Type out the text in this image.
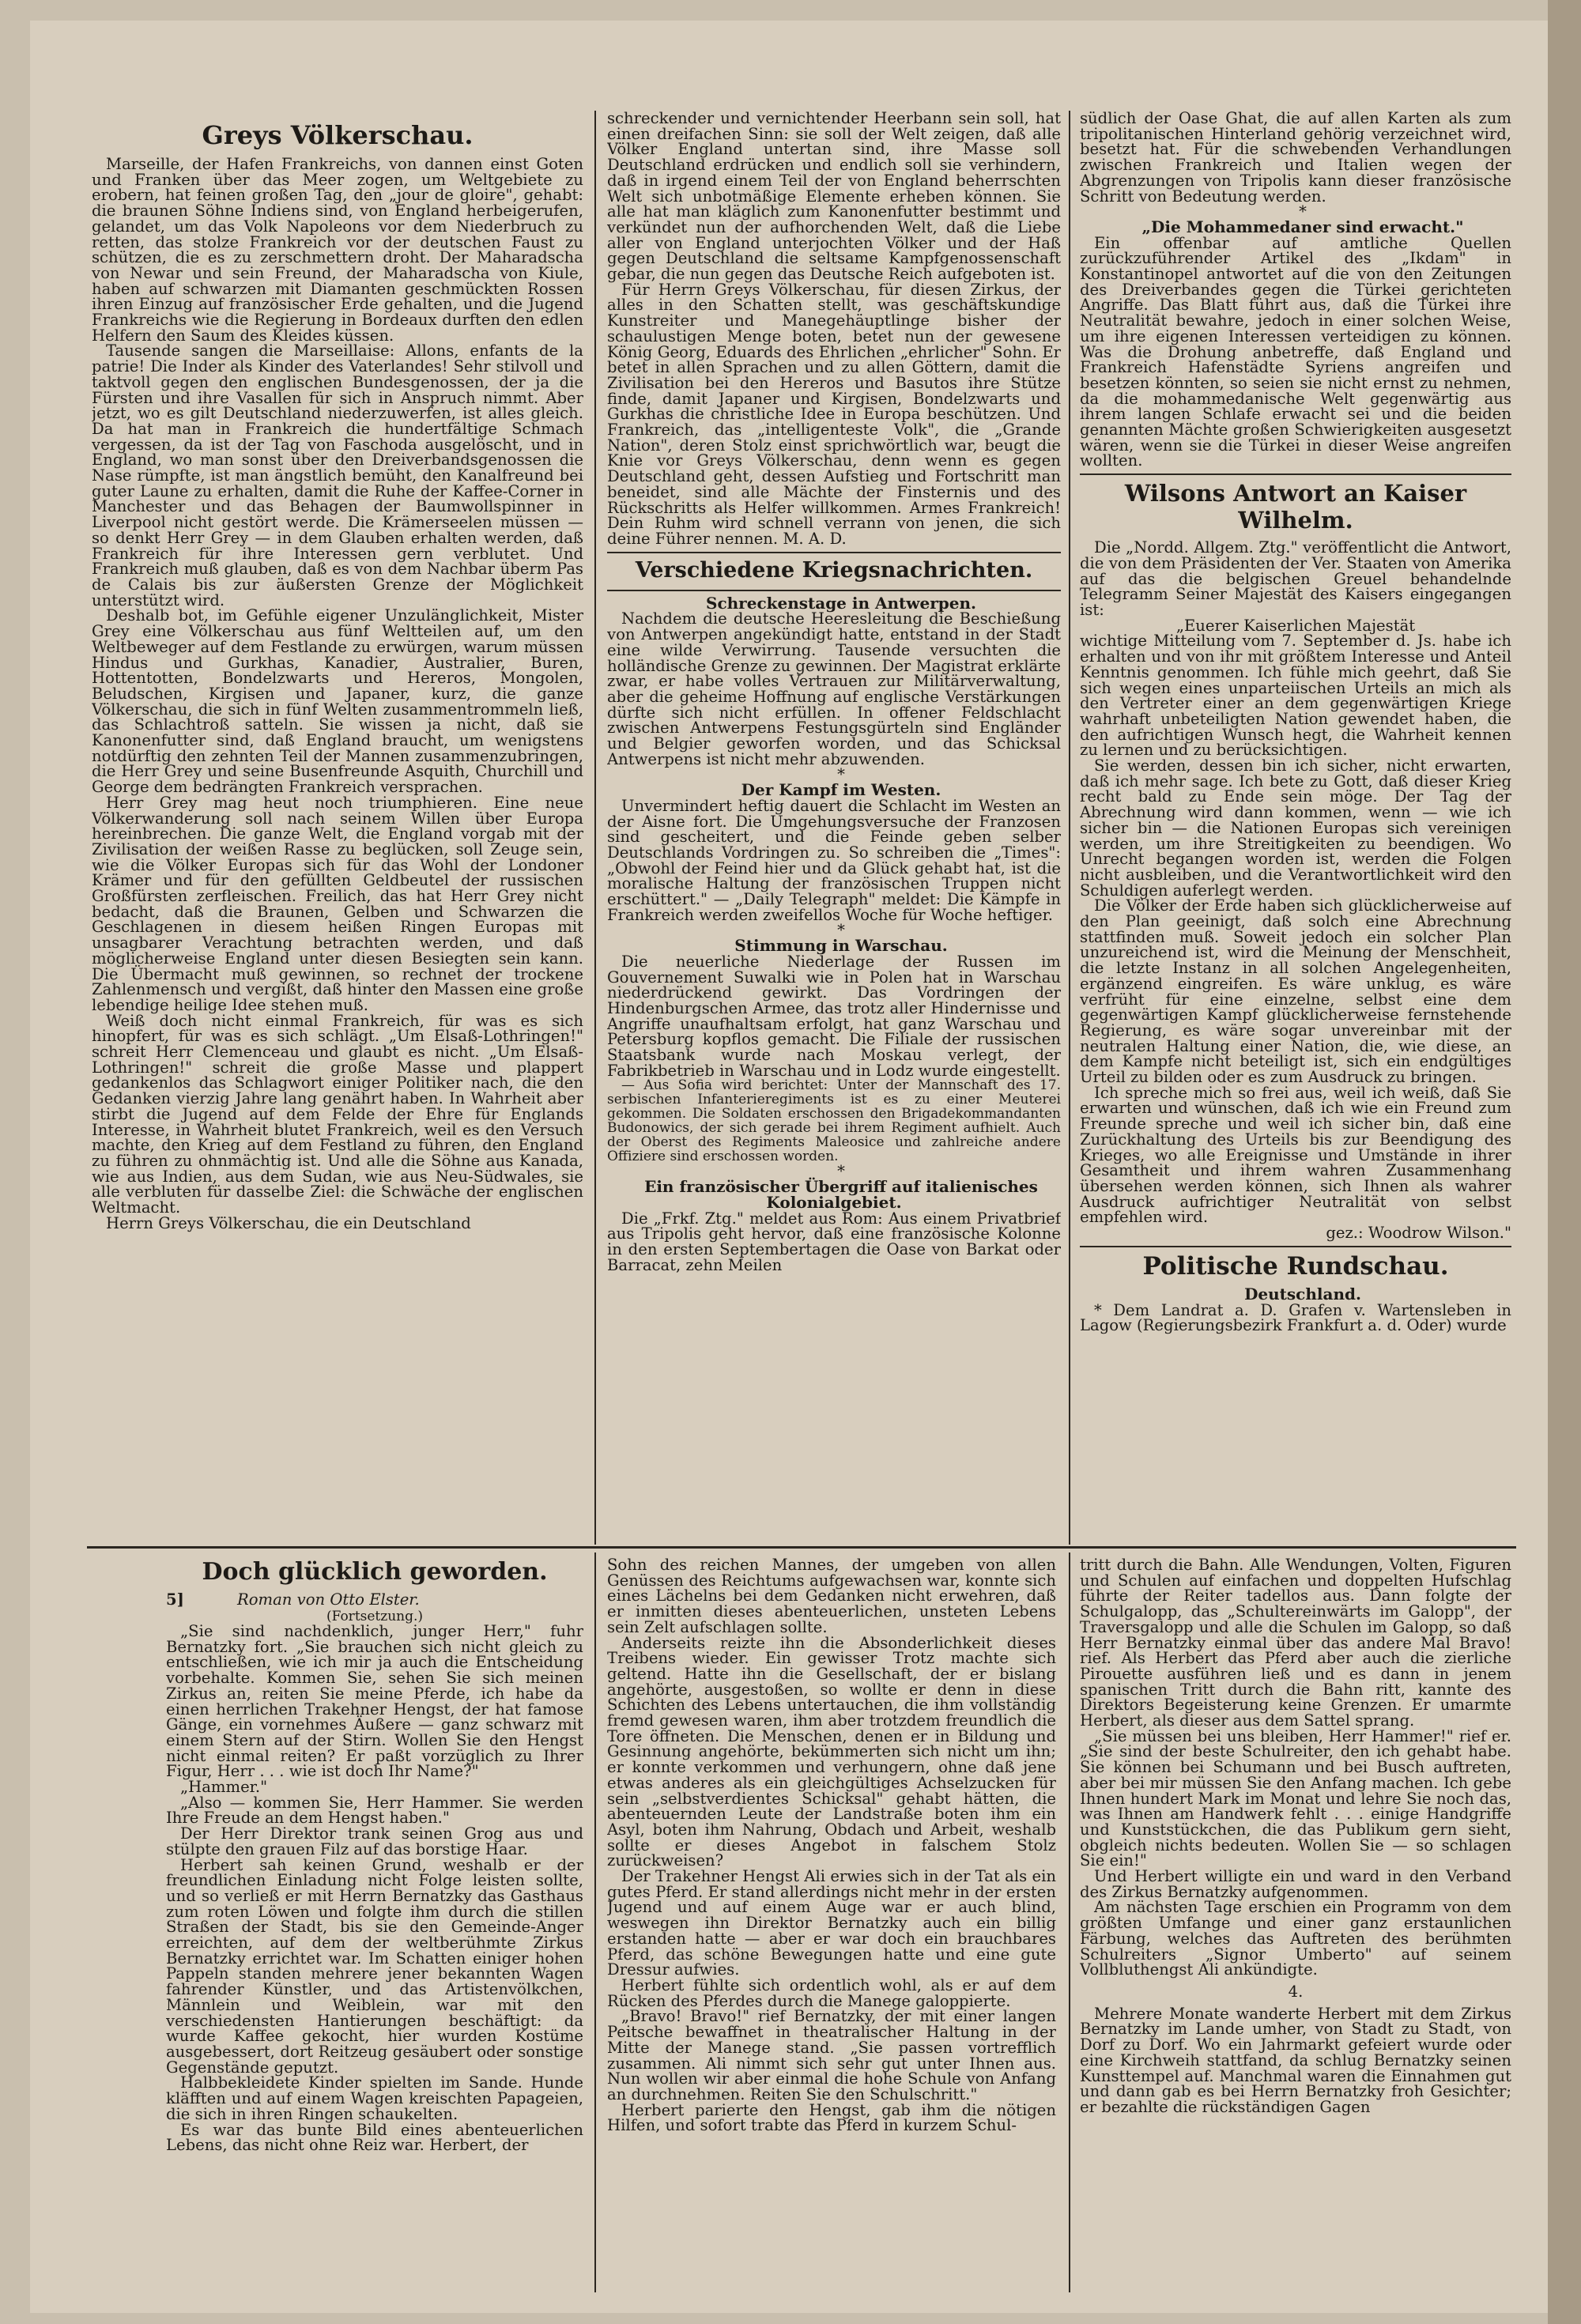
Greys Völkerschau.

Marseille, der Hafen Frankreichs, von dannen einst Goten und Franken über das Meer zogen, um Weltgebiete zu erobern, hat feinen großen Tag, den „jour de gloire", gehabt: die braunen Söhne Indiens sind, von England herbeigerufen, gelandet, um das Volk Napoleons vor dem Niederbruch zu retten, das stolze Frankreich vor der deutschen Faust zu schützen, die es zu zerschmettern droht. Der Maharadscha von Newar und sein Freund, der Maharadscha von Kiule, haben auf schwarzen mit Diamanten geschmückten Rossen ihren Einzug auf französischer Erde gehalten, und die Jugend Frankreichs wie die Regierung in Bordeaux durften den edlen Helfern den Saum des Kleides küssen.

Tausende sangen die Marseillaise: Allons, enfants de la patrie! Die Inder als Kinder des Vaterlandes! Sehr stilvoll und taktvoll gegen den englischen Bundesgenossen, der ja die Fürsten und ihre Vasallen für sich in Anspruch nimmt. Aber jetzt, wo es gilt Deutschland niederzuwerfen, ist alles gleich. Da hat man in Frankreich die hundertfältige Schmach vergessen, da ist der Tag von Faschoda ausgelöscht, und in England, wo man sonst über den Dreiverbandsgenossen die Nase rümpfte, ist man ängstlich bemüht, den Kanalfreund bei guter Laune zu erhalten, damit die Ruhe der Kaffee-Corner in Manchester und das Behagen der Baumwollspinner in Liverpool nicht gestört werde. Die Krämerseelen müssen — so denkt Herr Grey — in dem Glauben erhalten werden, daß Frankreich für ihre Interessen gern verblutet. Und Frankreich muß glauben, daß es von dem Nachbar überm Pas de Calais bis zur äußersten Grenze der Möglichkeit unterstützt wird.

Deshalb bot, im Gefühle eigener Unzulänglichkeit, Mister Grey eine Völkerschau aus fünf Weltteilen auf, um den Weltbeweger auf dem Festlande zu erwürgen, warum müssen Hindus und Gurkhas, Kanadier, Australier, Buren, Hottentotten, Bondelzwarts und Hereros, Mongolen, Beludschen, Kirgisen und Japaner, kurz, die ganze Völkerschau, die sich in fünf Welten zusammentrommeln ließ, das Schlachtroß satteln. Sie wissen ja nicht, daß sie Kanonenfutter sind, daß England braucht, um wenigstens notdürftig den zehnten Teil der Mannen zusammenzubringen, die Herr Grey und seine Busenfreunde Asquith, Churchill und George dem bedrängten Frankreich versprachen.

Herr Grey mag heut noch triumphieren. Eine neue Völkerwanderung soll nach seinem Willen über Europa hereinbrechen. Die ganze Welt, die England vorgab mit der Zivilisation der weißen Rasse zu beglücken, soll Zeuge sein, wie die Völker Europas sich für das Wohl der Londoner Krämer und für den gefüllten Geldbeutel der russischen Großfürsten zerfleischen. Freilich, das hat Herr Grey nicht bedacht, daß die Braunen, Gelben und Schwarzen die Geschlagenen in diesem heißen Ringen Europas mit unsagbarer Verachtung betrachten werden, und daß möglicherweise England unter diesen Besiegten sein kann. Die Übermacht muß gewinnen, so rechnet der trockene Zahlenmensch und vergißt, daß hinter den Massen eine große lebendige heilige Idee stehen muß.

Weiß doch nicht einmal Frankreich, für was es sich hinopfert, für was es sich schlägt. „Um Elsaß-Lothringen!" schreit Herr Clemenceau und glaubt es nicht. „Um Elsaß-Lothringen!" schreit die große Masse und plappert gedankenlos das Schlagwort einiger Politiker nach, die den Gedanken vierzig Jahre lang genährt haben. In Wahrheit aber stirbt die Jugend auf dem Felde der Ehre für Englands Interesse, in Wahrheit blutet Frankreich, weil es den Versuch machte, den Krieg auf dem Festland zu führen, den England zu führen zu ohnmächtig ist. Und alle die Söhne aus Kanada, wie aus Indien, aus dem Sudan, wie aus Neu-Südwales, sie alle verbluten für dasselbe Ziel: die Schwäche der englischen Weltmacht.

Herrn Greys Völkerschau, die ein Deutschland

schreckender und vernichtender Heerbann sein soll, hat einen dreifachen Sinn: sie soll der Welt zeigen, daß alle Völker England untertan sind, ihre Masse soll Deutschland erdrücken und endlich soll sie verhindern, daß in irgend einem Teil der von England beherrschten Welt sich unbotmäßige Elemente erheben können. Sie alle hat man kläglich zum Kanonenfutter bestimmt und verkündet nun der aufhorchenden Welt, daß die Liebe aller von England unterjochten Völker und der Haß gegen Deutschland die seltsame Kampfgenossenschaft gebar, die nun gegen das Deutsche Reich aufgeboten ist.

Für Herrn Greys Völkerschau, für diesen Zirkus, der alles in den Schatten stellt, was geschäftskundige Kunstreiter und Manegehäuptlinge bisher der schaulustigen Menge boten, betet nun der gewesene König Georg, Eduards des Ehrlichen „ehrlicher" Sohn. Er betet in allen Sprachen und zu allen Göttern, damit die Zivilisation bei den Hereros und Basutos ihre Stütze finde, damit Japaner und Kirgisen, Bondelzwarts und Gurkhas die christliche Idee in Europa beschützen. Und Frankreich, das „intelligenteste Volk", die „Grande Nation", deren Stolz einst sprichwörtlich war, beugt die Knie vor Greys Völkerschau, denn wenn es gegen Deutschland geht, dessen Aufstieg und Fortschritt man beneidet, sind alle Mächte der Finsternis und des Rückschritts als Helfer willkommen. Armes Frankreich! Dein Ruhm wird schnell verrann von jenen, die sich deine Führer nennen. M. A. D.

Verschiedene Kriegsnachrichten.

Schreckenstage in Antwerpen.

Nachdem die deutsche Heeresleitung die Beschießung von Antwerpen angekündigt hatte, entstand in der Stadt eine wilde Verwirrung. Tausende versuchten die holländische Grenze zu gewinnen. Der Magistrat erklärte zwar, er habe volles Vertrauen zur Militärverwaltung, aber die geheime Hoffnung auf englische Verstärkungen dürfte sich nicht erfüllen. In offener Feldschlacht zwischen Antwerpens Festungsgürteln sind Engländer und Belgier geworfen worden, und das Schicksal Antwerpens ist nicht mehr abzuwenden.

*

Der Kampf im Westen.

Unvermindert heftig dauert die Schlacht im Westen an der Aisne fort. Die Umgehungsversuche der Franzosen sind gescheitert, und die Feinde geben selber Deutschlands Vordringen zu. So schreiben die „Times": „Obwohl der Feind hier und da Glück gehabt hat, ist die moralische Haltung der französischen Truppen nicht erschüttert." — „Daily Telegraph" meldet: Die Kämpfe in Frankreich werden zweifellos Woche für Woche heftiger.

*

Stimmung in Warschau.

Die neuerliche Niederlage der Russen im Gouvernement Suwalki wie in Polen hat in Warschau niederdrückend gewirkt. Das Vordringen der Hindenburgschen Armee, das trotz aller Hindernisse und Angriffe unaufhaltsam erfolgt, hat ganz Warschau und Petersburg kopflos gemacht. Die Filiale der russischen Staatsbank wurde nach Moskau verlegt, der Fabrikbetrieb in Warschau und in Lodz wurde eingestellt.

— Aus Sofia wird berichtet: Unter der Mannschaft des 17. serbischen Infanterieregiments ist es zu einer Meuterei gekommen. Die Soldaten erschossen den Brigadekommandanten Budonowics, der sich gerade bei ihrem Regiment aufhielt. Auch der Oberst des Regiments Maleosice und zahlreiche andere Offiziere sind erschossen worden.

*

Ein französischer Übergriff auf italienisches Kolonialgebiet.

Die „Frkf. Ztg." meldet aus Rom: Aus einem Privatbrief aus Tripolis geht hervor, daß eine französische Kolonne in den ersten Septembertagen die Oase von Barkat oder Barracat, zehn Meilen

südlich der Oase Ghat, die auf allen Karten als zum tripolitanischen Hinterland gehörig verzeichnet wird, besetzt hat. Für die schwebenden Verhandlungen zwischen Frankreich und Italien wegen der Abgrenzungen von Tripolis kann dieser französische Schritt von Bedeutung werden.

*

„Die Mohammedaner sind erwacht."

Ein offenbar auf amtliche Quellen zurückzuführender Artikel des „Ikdam" in Konstantinopel antwortet auf die von den Zeitungen des Dreiverbandes gegen die Türkei gerichteten Angriffe. Das Blatt führt aus, daß die Türkei ihre Neutralität bewahre, jedoch in einer solchen Weise, um ihre eigenen Interessen verteidigen zu können. Was die Drohung anbetreffe, daß England und Frankreich Hafenstädte Syriens angreifen und besetzen könnten, so seien sie nicht ernst zu nehmen, da die mohammedanische Welt gegenwärtig aus ihrem langen Schlafe erwacht sei und die beiden genannten Mächte großen Schwierigkeiten ausgesetzt wären, wenn sie die Türkei in dieser Weise angreifen wollten.

Wilsons Antwort an Kaiser Wilhelm.

Die „Nordd. Allgem. Ztg." veröffentlicht die Antwort, die von dem Präsidenten der Ver. Staaten von Amerika auf das die belgischen Greuel behandelnde Telegramm Seiner Majestät des Kaisers eingegangen ist:

„Euerer Kaiserlichen Majestät

wichtige Mitteilung vom 7. September d. Js. habe ich erhalten und von ihr mit größtem Interesse und Anteil Kenntnis genommen. Ich fühle mich geehrt, daß Sie sich wegen eines unparteiischen Urteils an mich als den Vertreter einer an dem gegenwärtigen Kriege wahrhaft unbeteiligten Nation gewendet haben, die den aufrichtigen Wunsch hegt, die Wahrheit kennen zu lernen und zu berücksichtigen.

Sie werden, dessen bin ich sicher, nicht erwarten, daß ich mehr sage. Ich bete zu Gott, daß dieser Krieg recht bald zu Ende sein möge. Der Tag der Abrechnung wird dann kommen, wenn — wie ich sicher bin — die Nationen Europas sich vereinigen werden, um ihre Streitigkeiten zu beendigen. Wo Unrecht begangen worden ist, werden die Folgen nicht ausbleiben, und die Verantwortlichkeit wird den Schuldigen auferlegt werden.

Die Völker der Erde haben sich glücklicherweise auf den Plan geeinigt, daß solch eine Abrechnung stattfinden muß. Soweit jedoch ein solcher Plan unzureichend ist, wird die Meinung der Menschheit, die letzte Instanz in all solchen Angelegenheiten, ergänzend eingreifen. Es wäre unklug, es wäre verfrüht für eine einzelne, selbst eine dem gegenwärtigen Kampf glücklicherweise fernstehende Regierung, es wäre sogar unvereinbar mit der neutralen Haltung einer Nation, die, wie diese, an dem Kampfe nicht beteiligt ist, sich ein endgültiges Urteil zu bilden oder es zum Ausdruck zu bringen.

Ich spreche mich so frei aus, weil ich weiß, daß Sie erwarten und wünschen, daß ich wie ein Freund zum Freunde spreche und weil ich sicher bin, daß eine Zurückhaltung des Urteils bis zur Beendigung des Krieges, wo alle Ereignisse und Umstände in ihrer Gesamtheit und ihrem wahren Zusammenhang übersehen werden können, sich Ihnen als wahrer Ausdruck aufrichtiger Neutralität von selbst empfehlen wird.

gez.: Woodrow Wilson."

Politische Rundschau.

Deutschland.

* Dem Landrat a. D. Grafen v. Wartensleben in Lagow (Regierungsbezirk Frankfurt a. d. Oder) wurde

Doch glücklich geworden.
5]	Roman von Otto Elster.

(Fortsetzung.)

„Sie sind nachdenklich, junger Herr," fuhr Bernatzky fort. „Sie brauchen sich nicht gleich zu entschließen, wie ich mir ja auch die Entscheidung vorbehalte. Kommen Sie, sehen Sie sich meinen Zirkus an, reiten Sie meine Pferde, ich habe da einen herrlichen Trakehner Hengst, der hat famose Gänge, ein vornehmes Äußere — ganz schwarz mit einem Stern auf der Stirn. Wollen Sie den Hengst nicht einmal reiten? Er paßt vorzüglich zu Ihrer Figur, Herr . . . wie ist doch Ihr Name?"

„Hammer."

„Also — kommen Sie, Herr Hammer. Sie werden Ihre Freude an dem Hengst haben."

Der Herr Direktor trank seinen Grog aus und stülpte den grauen Filz auf das borstige Haar.

Herbert sah keinen Grund, weshalb er der freundlichen Einladung nicht Folge leisten sollte, und so verließ er mit Herrn Bernatzky das Gasthaus zum roten Löwen und folgte ihm durch die stillen Straßen der Stadt, bis sie den Gemeinde-Anger erreichten, auf dem der weltberühmte Zirkus Bernatzky errichtet war. Im Schatten einiger hohen Pappeln standen mehrere jener bekannten Wagen fahrender Künstler, und das Artistenvölkchen, Männlein und Weiblein, war mit den verschiedensten Hantierungen beschäftigt: da wurde Kaffee gekocht, hier wurden Kostüme ausgebessert, dort Reitzeug gesäubert oder sonstige Gegenstände geputzt.

Halbbekleidete Kinder spielten im Sande. Hunde kläfften und auf einem Wagen kreischten Papageien, die sich in ihren Ringen schaukelten.

Es war das bunte Bild eines abenteuerlichen Lebens, das nicht ohne Reiz war. Herbert, der

Sohn des reichen Mannes, der umgeben von allen Genüssen des Reichtums aufgewachsen war, konnte sich eines Lächelns bei dem Gedanken nicht erwehren, daß er inmitten dieses abenteuerlichen, unsteten Lebens sein Zelt aufschlagen sollte.

Anderseits reizte ihn die Absonderlichkeit dieses Treibens wieder. Ein gewisser Trotz machte sich geltend. Hatte ihn die Gesellschaft, der er bislang angehörte, ausgestoßen, so wollte er denn in diese Schichten des Lebens untertauchen, die ihm vollständig fremd gewesen waren, ihm aber trotzdem freundlich die Tore öffneten. Die Menschen, denen er in Bildung und Gesinnung angehörte, bekümmerten sich nicht um ihn; er konnte verkommen und verhungern, ohne daß jene etwas anderes als ein gleichgültiges Achselzucken für sein „selbstverdientes Schicksal" gehabt hätten, die abenteuernden Leute der Landstraße boten ihm ein Asyl, boten ihm Nahrung, Obdach und Arbeit, weshalb sollte er dieses Angebot in falschem Stolz zurückweisen?

Der Trakehner Hengst Ali erwies sich in der Tat als ein gutes Pferd. Er stand allerdings nicht mehr in der ersten Jugend und auf einem Auge war er auch blind, weswegen ihn Direktor Bernatzky auch ein billig erstanden hatte — aber er war doch ein brauchbares Pferd, das schöne Bewegungen hatte und eine gute Dressur aufwies.

Herbert fühlte sich ordentlich wohl, als er auf dem Rücken des Pferdes durch die Manege galoppierte.

„Bravo! Bravo!" rief Bernatzky, der mit einer langen Peitsche bewaffnet in theatralischer Haltung in der Mitte der Manege stand. „Sie passen vortrefflich zusammen. Ali nimmt sich sehr gut unter Ihnen aus. Nun wollen wir aber einmal die hohe Schule von Anfang an durchnehmen. Reiten Sie den Schulschritt."

Herbert parierte den Hengst, gab ihm die nötigen Hilfen, und sofort trabte das Pferd in kurzem Schul-

tritt durch die Bahn. Alle Wendungen, Volten, Figuren und Schulen auf einfachen und doppelten Hufschlag führte der Reiter tadellos aus. Dann folgte der Schulgalopp, das „Schultereinwärts im Galopp", der Traversgalopp und alle die Schulen im Galopp, so daß Herr Bernatzky einmal über das andere Mal Bravo! rief. Als Herbert das Pferd aber auch die zierliche Pirouette ausführen ließ und es dann in jenem spanischen Tritt durch die Bahn ritt, kannte des Direktors Begeisterung keine Grenzen. Er umarmte Herbert, als dieser aus dem Sattel sprang.

„Sie müssen bei uns bleiben, Herr Hammer!" rief er. „Sie sind der beste Schulreiter, den ich gehabt habe. Sie können bei Schumann und bei Busch auftreten, aber bei mir müssen Sie den Anfang machen. Ich gebe Ihnen hundert Mark im Monat und lehre Sie noch das, was Ihnen am Handwerk fehlt . . . einige Handgriffe und Kunststückchen, die das Publikum gern sieht, obgleich nichts bedeuten. Wollen Sie — so schlagen Sie ein!"

Und Herbert willigte ein und ward in den Verband des Zirkus Bernatzky aufgenommen.

Am nächsten Tage erschien ein Programm von dem größten Umfange und einer ganz erstaunlichen Färbung, welches das Auftreten des berühmten Schulreiters „Signor Umberto" auf seinem Vollbluthengst Ali ankündigte.

4.

Mehrere Monate wanderte Herbert mit dem Zirkus Bernatzky im Lande umher, von Stadt zu Stadt, von Dorf zu Dorf. Wo ein Jahrmarkt gefeiert wurde oder eine Kirchweih stattfand, da schlug Bernatzky seinen Kunsttempel auf. Manchmal waren die Einnahmen gut und dann gab es bei Herrn Bernatzky froh Gesichter; er bezahlte die rückständigen Gagen
